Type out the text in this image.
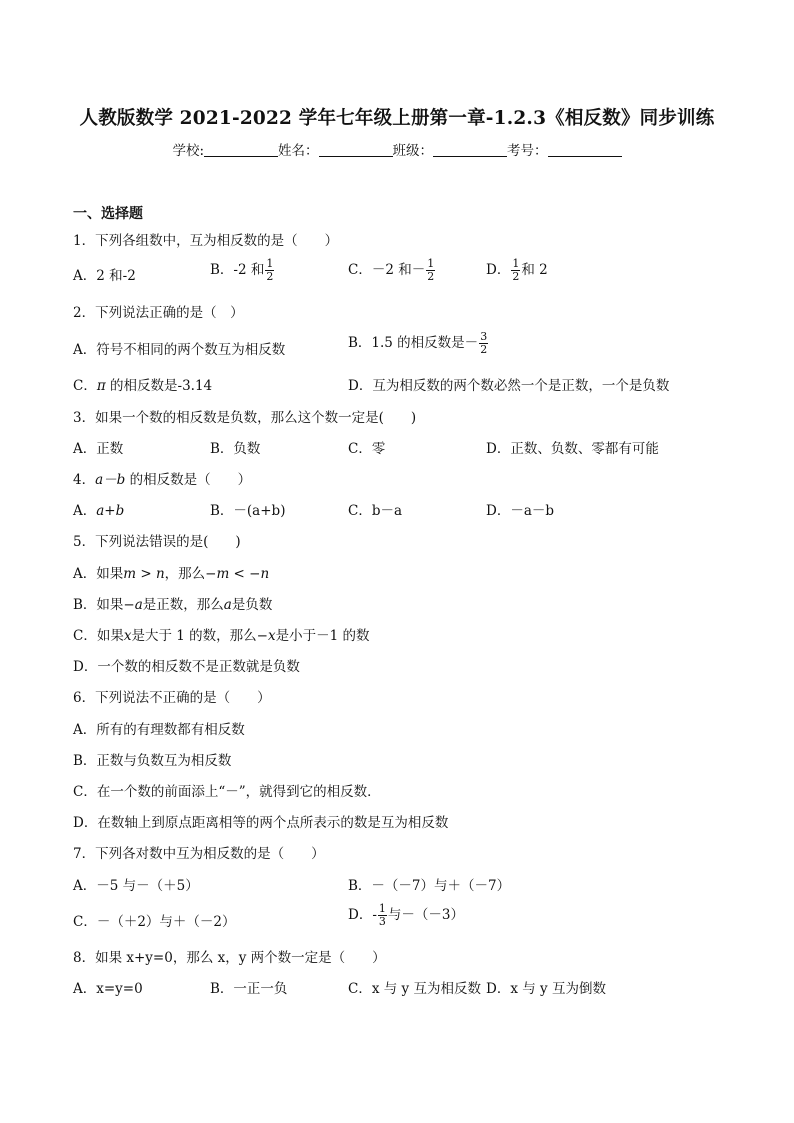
人教版数学 2021-2022 学年七年级上册第一章-1.2.3《相反数》同步训练
学校:	姓名：	班级：	考号：
一、选择题
1．下列各组数中，互为相反数的是（　　）
A．2 和-2	B．-2 和 $\frac{1}{2}$	C．－2 和－ $\frac{1}{2}$	D． $\frac{1}{2}$ 和 2
2．下列说法正确的是（　）
A．符号不相同的两个数互为相反数	B．1.5 的相反数是－ $\frac{3}{2}$
C．π 的相反数是-3.14	D．互为相反数的两个数必然一个是正数，一个是负数
3．如果一个数的相反数是负数，那么这个数一定是(　　)
A．正数	B．负数	C．零	D．正数、负数、零都有可能
4．a－b 的相反数是（　　）
A．a+b	B．－(a+b)	C．b－a	D．－a－b
5．下列说法错误的是(　　)
A．如果m > n，那么−m < −n
B．如果−a是正数，那么a是负数
C．如果x是大于 1 的数，那么−x是小于－1 的数
D．一个数的相反数不是正数就是负数
6．下列说法不正确的是（　　）
A．所有的有理数都有相反数
B．正数与负数互为相反数
C．在一个数的前面添上“－”，就得到它的相反数．
D．在数轴上到原点距离相等的两个点所表示的数是互为相反数
7．下列各对数中互为相反数的是（　　）
A．－5 与－（＋5）	B．－（－7）与＋（－7）
C．－（＋2）与＋（－2）	D．- $\frac{1}{3}$ 与－（－3）
8．如果 x+y=0，那么 x，y 两个数一定是（　　）
A．x=y=0	B．一正一负	C．x 与 y 互为相反数 D．x 与 y 互为倒数
